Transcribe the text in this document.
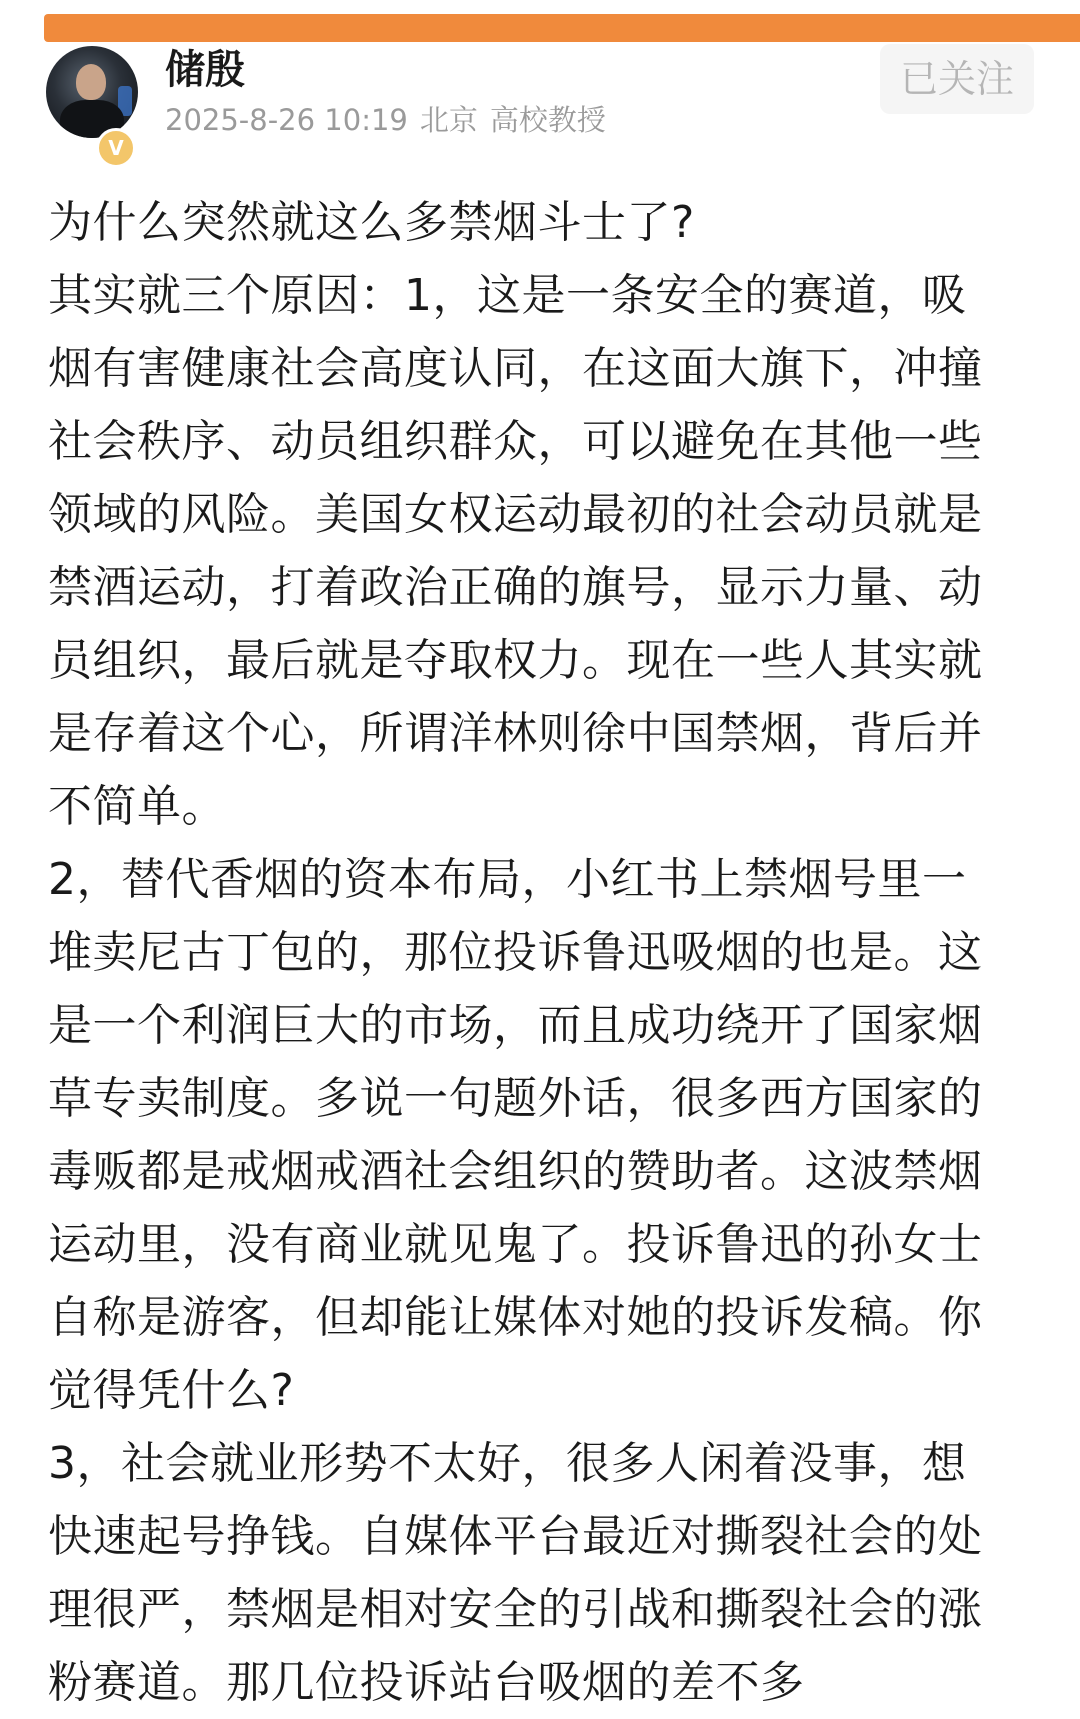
V
储殷
2025-8-26 10:19 北京 高校教授
已关注

为什么突然就这么多禁烟斗士了?

其实就三个原因：1，这是一条安全的赛道，吸烟有害健康社会高度认同，在这面大旗下，冲撞社会秩序、动员组织群众，可以避免在其他一些领域的风险。美国女权运动最初的社会动员就是禁酒运动，打着政治正确的旗号，显示力量、动员组织，最后就是夺取权力。现在一些人其实就是存着这个心，所谓洋林则徐中国禁烟，背后并不简单。

2，替代香烟的资本布局，小红书上禁烟号里一堆卖尼古丁包的，那位投诉鲁迅吸烟的也是。这是一个利润巨大的市场，而且成功绕开了国家烟草专卖制度。多说一句题外话，很多西方国家的毒贩都是戒烟戒酒社会组织的赞助者。这波禁烟运动里，没有商业就见鬼了。投诉鲁迅的孙女士自称是游客，但却能让媒体对她的投诉发稿。你觉得凭什么?

3，社会就业形势不太好，很多人闲着没事，想快速起号挣钱。自媒体平台最近对撕裂社会的处理很严，禁烟是相对安全的引战和撕裂社会的涨粉赛道。那几位投诉站台吸烟的差不多
